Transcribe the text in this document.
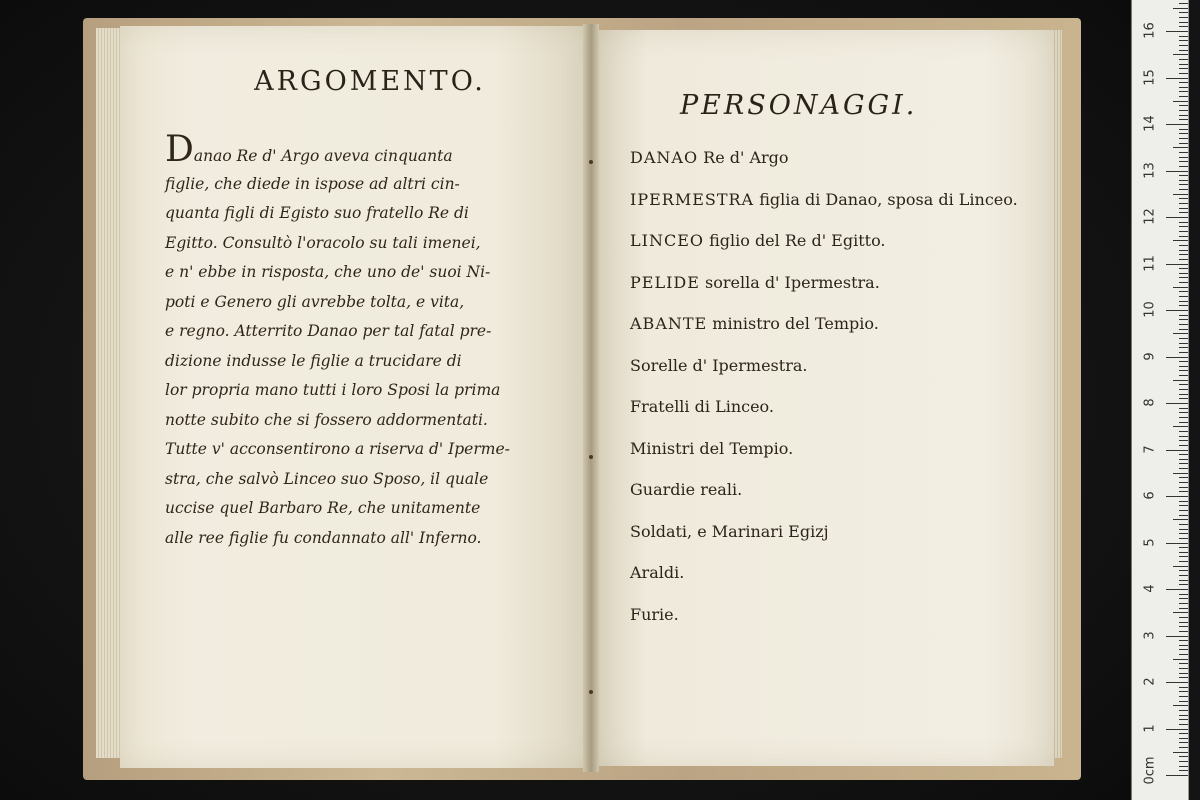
ARGOMENTO.
Danao Re d' Argo aveva cinquanta
figlie, che diede in ispose ad altri cin-
quanta figli di Egisto suo fratello Re di
Egitto. Consultò l'oracolo su tali imenei,
e n' ebbe in risposta, che uno de' suoi Ni-
poti e Genero gli avrebbe tolta, e vita,
e regno. Atterrito Danao per tal fatal pre-
dizione indusse le figlie a trucidare di
lor propria mano tutti i loro Sposi la prima
notte subito che si fossero addormentati.
Tutte v' acconsentirono a riserva d' Iperme-
stra, che salvò Linceo suo Sposo, il quale
uccise quel Barbaro Re, che unitamente
alle ree figlie fu condannato all' Inferno.
PERSONAGGI.
DANAO Re d' Argo
IPERMESTRA figlia di Danao, sposa di Linceo.
LINCEO figlio del Re d' Egitto.
PELIDE sorella d' Ipermestra.
ABANTE ministro del Tempio.
Sorelle d' Ipermestra.
Fratelli di Linceo.
Ministri del Tempio.
Guardie reali.
Soldati, e Marinari Egizj
Araldi.
Furie.
0cm
1
2
3
4
5
6
7
8
9
10
11
12
13
14
15
16
